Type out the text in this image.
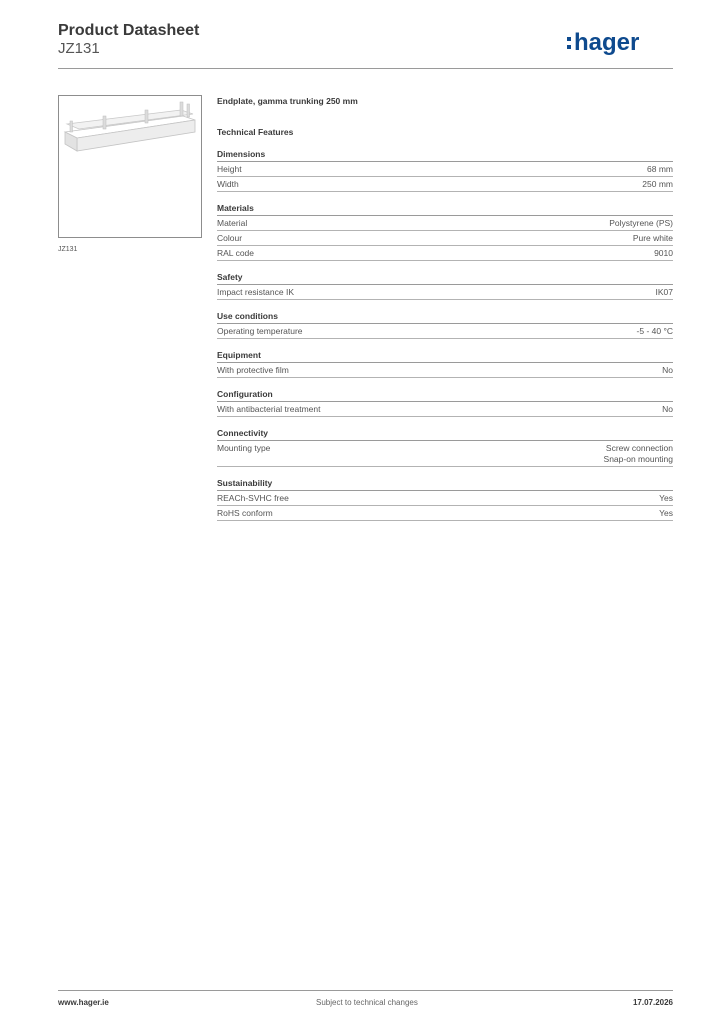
Product Datasheet
JZ131	hager
JZ131
Endplate, gamma trunking 250 mm
Technical Features
Dimensions
Height	68 mm
Width	250 mm
Materials
Material	Polystyrene (PS)
Colour	Pure white
RAL code	9010
Safety
Impact resistance IK	IK07
Use conditions
Operating temperature	-5 - 40 °C
Equipment
With protective film	No
Configuration
With antibacterial treatment	No
Connectivity
Mounting type	Screw connection
Snap-on mounting
Sustainability
REACh-SVHC free	Yes
RoHS conform	Yes
www.hager.ie	Subject to technical changes	17.07.2026
